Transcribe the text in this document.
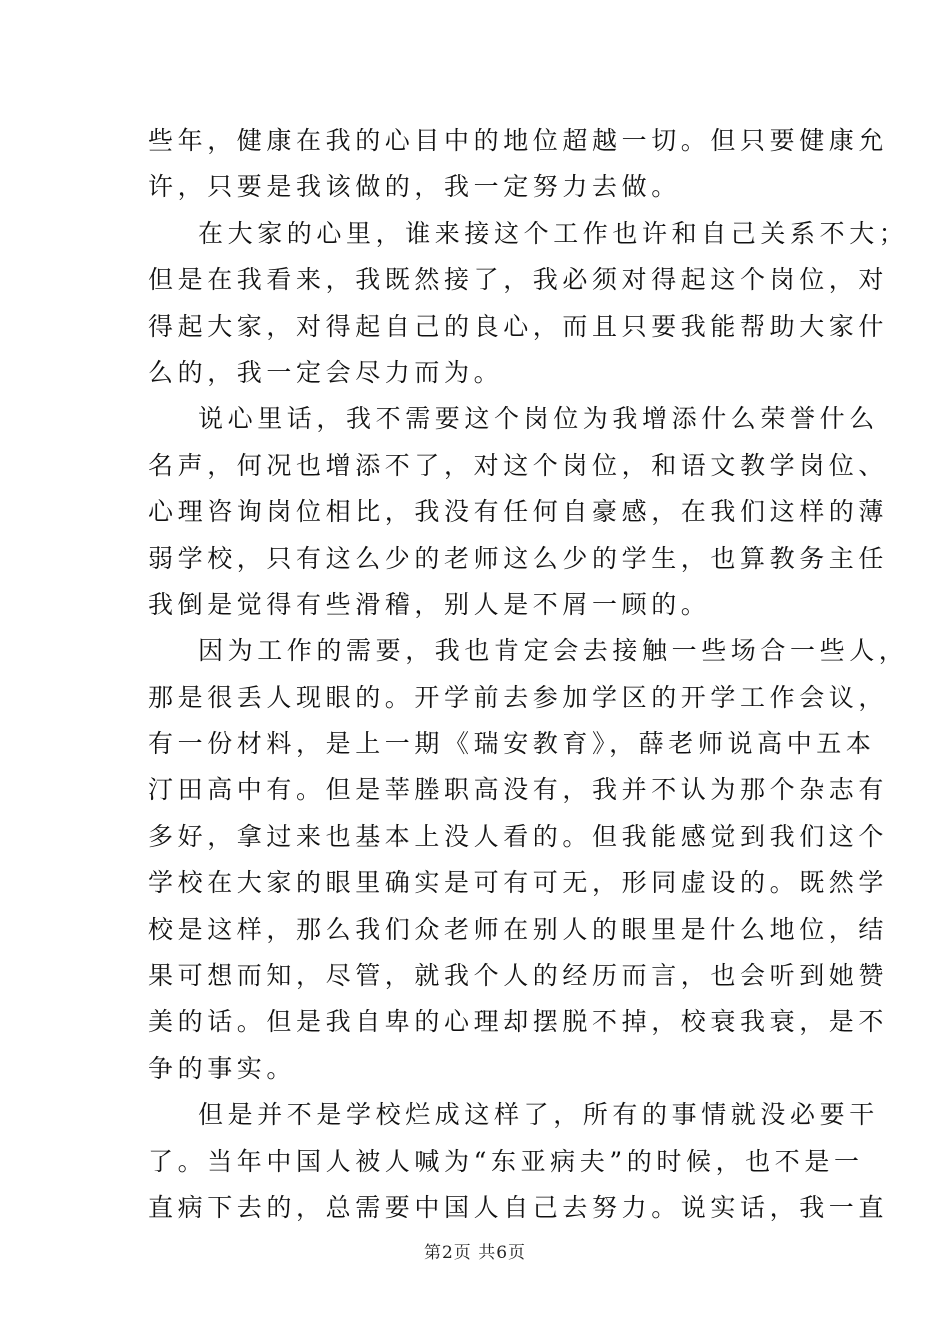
些年，健康在我的心目中的地位超越一切。但只要健康允
许，只要是我该做的，我一定努力去做。
在大家的心里，谁来接这个工作也许和自己关系不大；
但是在我看来，我既然接了，我必须对得起这个岗位，对
得起大家，对得起自己的良心，而且只要我能帮助大家什
么的，我一定会尽力而为。
说心里话，我不需要这个岗位为我增添什么荣誉什么
名声，何况也增添不了，对这个岗位，和语文教学岗位、
心理咨询岗位相比，我没有任何自豪感，在我们这样的薄
弱学校，只有这么少的老师这么少的学生，也算教务主任
我倒是觉得有些滑稽，别人是不屑一顾的。
因为工作的需要，我也肯定会去接触一些场合一些人，
那是很丢人现眼的。开学前去参加学区的开学工作会议，
有一份材料，是上一期《瑞安教育》，薛老师说高中五本
汀田高中有。但是莘塍职高没有，我并不认为那个杂志有
多好，拿过来也基本上没人看的。但我能感觉到我们这个
学校在大家的眼里确实是可有可无，形同虚设的。既然学
校是这样，那么我们众老师在别人的眼里是什么地位，结
果可想而知，尽管，就我个人的经历而言，也会听到她赞
美的话。但是我自卑的心理却摆脱不掉，校衰我衰，是不
争的事实。
但是并不是学校烂成这样了，所有的事情就没必要干
了。当年中国人被人喊为“东亚病夫”的时候，也不是一
直病下去的，总需要中国人自己去努力。说实话，我一直
第2页 共6页
